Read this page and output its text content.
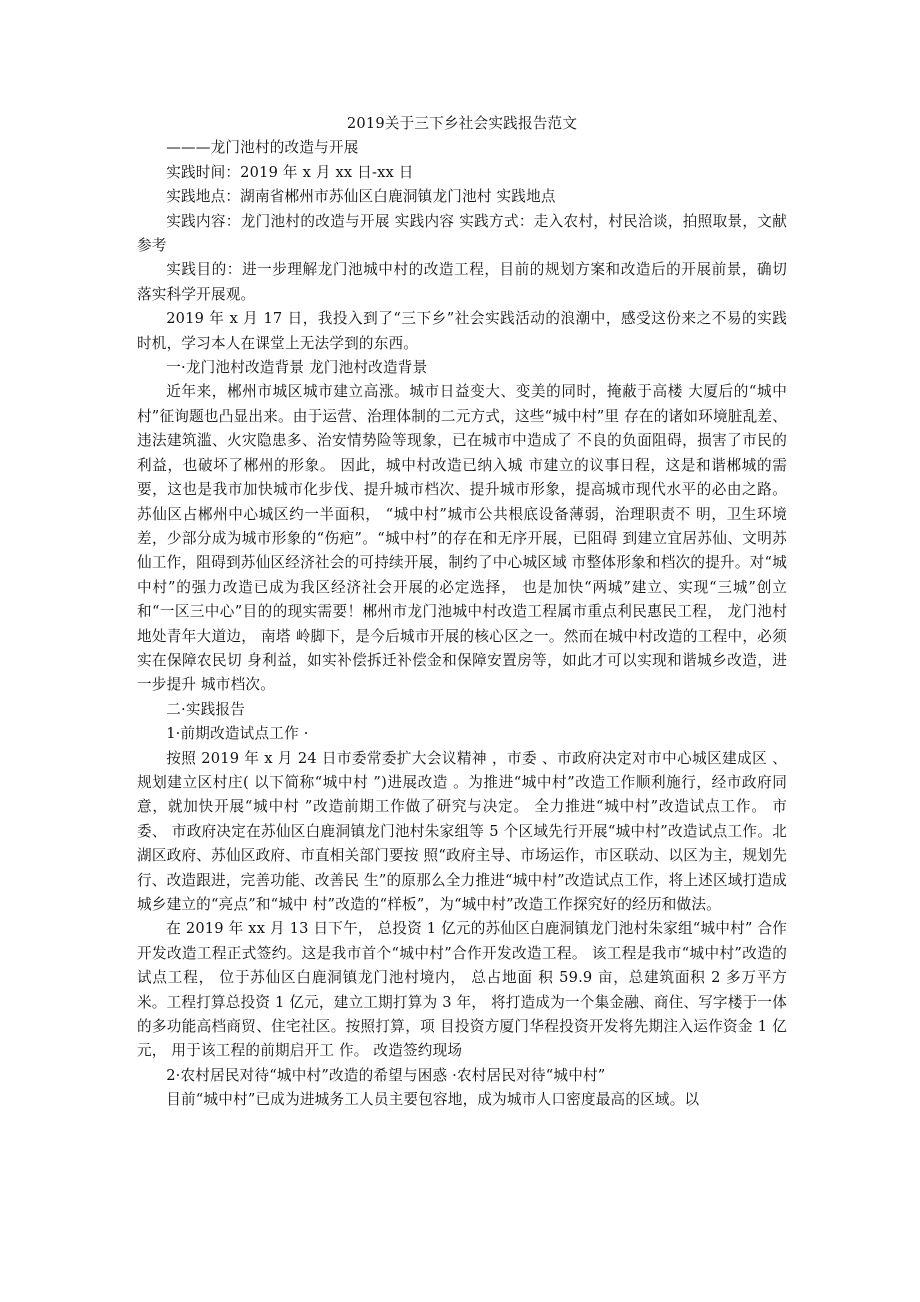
2019关于三下乡社会实践报告范文

———龙门池村的改造与开展

实践时间：2019 年 x 月 xx 日-xx 日

实践地点：湖南省郴州市苏仙区白鹿洞镇龙门池村 实践地点

实践内容：龙门池村的改造与开展 实践内容 实践方式：走入农村，村民洽谈，拍照取景，文献参考

实践目的：进一步理解龙门池城中村的改造工程，目前的规划方案和改造后的开展前景，确切落实科学开展观。

2019 年 x 月 17 日，我投入到了“三下乡”社会实践活动的浪潮中，感受这份来之不易的实践时机，学习本人在课堂上无法学到的东西。

一·龙门池村改造背景 龙门池村改造背景

近年来，郴州市城区城市建立高涨。城市日益变大、变美的同时，掩蔽于高楼 大厦后的“城中村”征询题也凸显出来。由于运营、治理体制的二元方式，这些“城中村”里 存在的诸如环境脏乱差、违法建筑滥、火灾隐患多、治安情势险等现象，已在城市中造成了 不良的负面阻碍，损害了市民的利益，也破坏了郴州的形象。 因此，城中村改造已纳入城 市建立的议事日程，这是和谐郴城的需要，这也是我市加快城市化步伐、提升城市档次、提升城市形象，提高城市现代水平的必由之路。 苏仙区占郴州中心城区约一半面积， “城中村”城市公共根底设备薄弱，治理职责不 明，卫生环境差，少部分成为城市形象的“伤疤”。“城中村”的存在和无序开展，已阻碍 到建立宜居苏仙、文明苏仙工作，阻碍到苏仙区经济社会的可持续开展，制约了中心城区域 市整体形象和档次的提升。对“城中村”的强力改造已成为我区经济社会开展的必定选择， 也是加快“两城”建立、实现“三城”创立和“一区三中心”目的的现实需要！郴州市龙门池城中村改造工程属市重点利民惠民工程， 龙门池村地处青年大道边， 南塔 岭脚下，是今后城市开展的核心区之一。然而在城中村改造的工程中，必须实在保障农民切 身利益，如实补偿拆迁补偿金和保障安置房等，如此才可以实现和谐城乡改造，进一步提升 城市档次。

二·实践报告

1·前期改造试点工作 ·

按照 2019 年 x 月 24 日市委常委扩大会议精神 ，市委 、市政府决定对市中心城区建成区 、规划建立区村庄( 以下简称“城中村 ”)进展改造 。为推进“城中村”改造工作顺利施行，经市政府同意，就加快开展“城中村 ”改造前期工作做了研究与决定。 全力推进“城中村”改造试点工作。 市委、 市政府决定在苏仙区白鹿洞镇龙门池村朱家组等 5 个区域先行开展“城中村”改造试点工作。北湖区政府、苏仙区政府、市直相关部门要按 照“政府主导、市场运作，市区联动、以区为主，规划先行、改造跟进，完善功能、改善民 生”的原那么全力推进“城中村”改造试点工作，将上述区域打造成城乡建立的“亮点”和“城中 村”改造的“样板”，为“城中村”改造工作探究好的经历和做法。

在 2019 年 xx 月 13 日下午， 总投资 1 亿元的苏仙区白鹿洞镇龙门池村朱家组“城中村” 合作开发改造工程正式签约。这是我市首个“城中村”合作开发改造工程。 该工程是我市“城中村”改造的试点工程， 位于苏仙区白鹿洞镇龙门池村境内， 总占地面 积 59.9 亩，总建筑面积 2 多万平方米。工程打算总投资 1 亿元，建立工期打算为 3 年， 将打造成为一个集金融、商住、写字楼于一体的多功能高档商贸、住宅社区。按照打算，项 目投资方厦门华程投资开发将先期注入运作资金 1 亿元， 用于该工程的前期启开工 作。 改造签约现场

2·农村居民对待“城中村”改造的希望与困惑 ·农村居民对待“城中村”

目前“城中村”已成为进城务工人员主要包容地，成为城市人口密度最高的区域。以
